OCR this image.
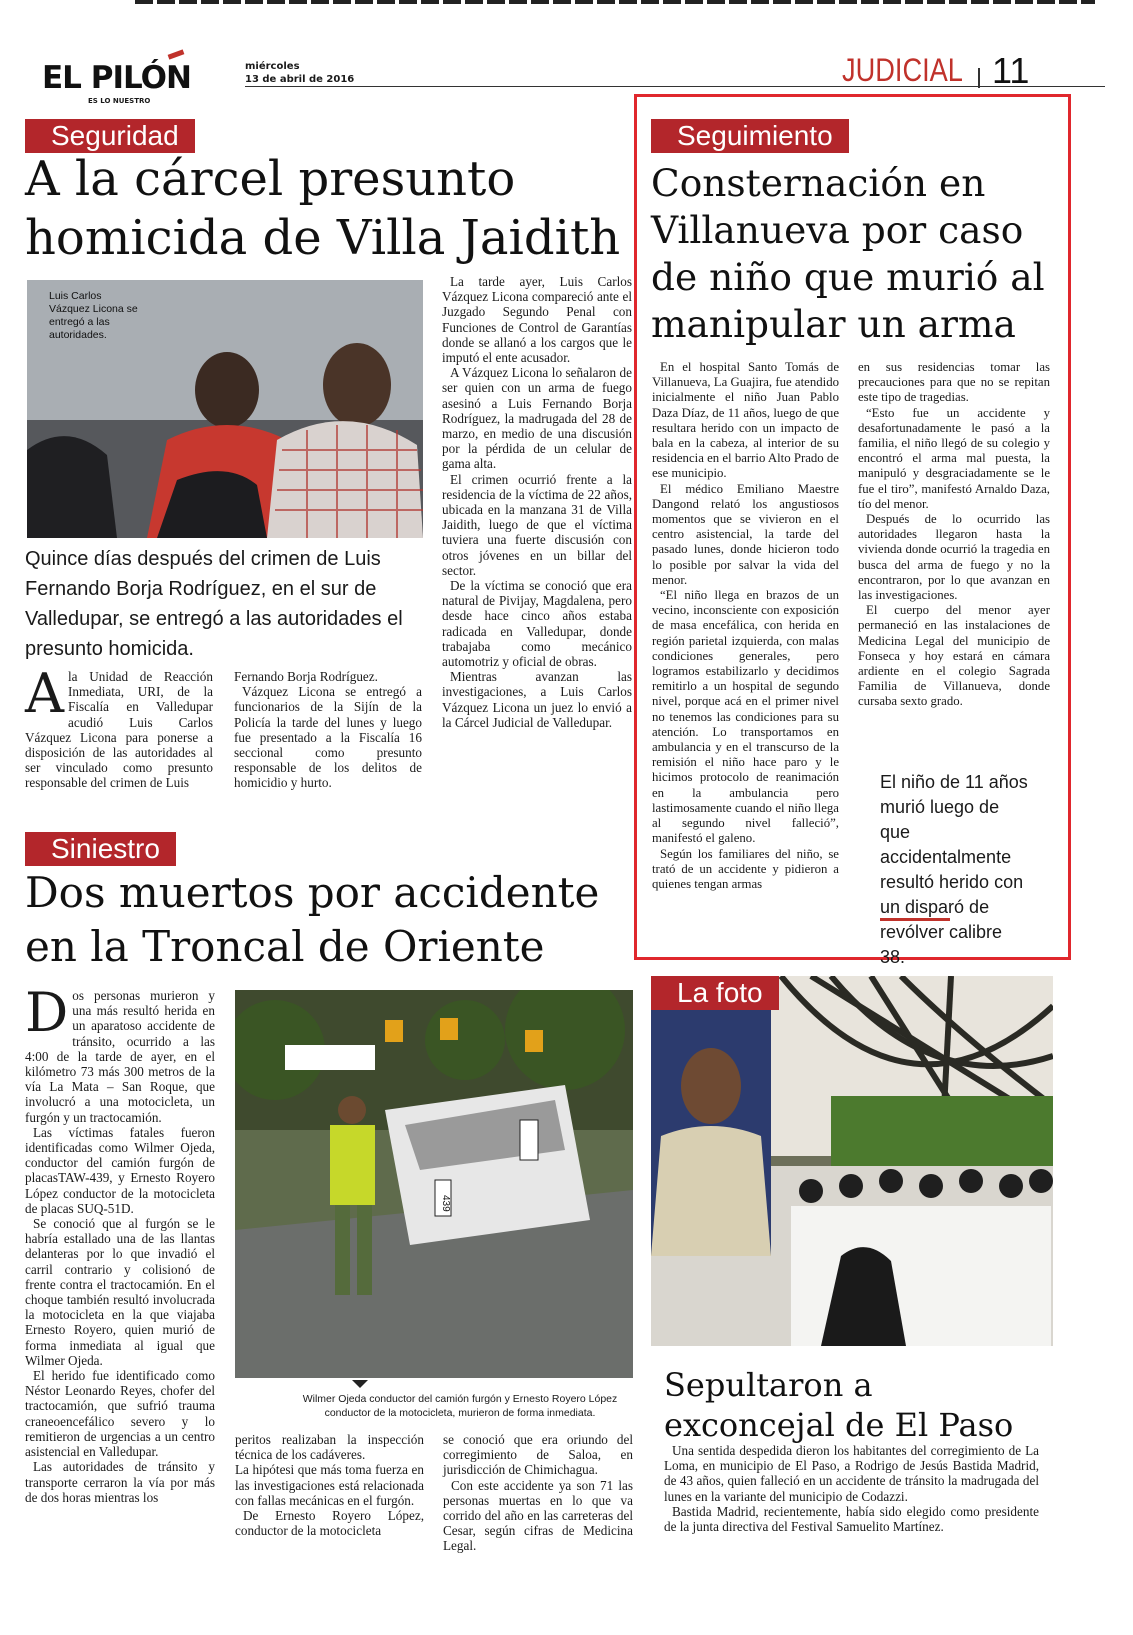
EL PILÓN
ES LO NUESTRO
miércoles
13 de abril de 2016	JUDICIAL 11
Seguridad
A la cárcel presunto
homicida de Villa Jaidith
Luis Carlos Vázquez Licona se entregó a las autoridades.
Quince días después del crimen de Luis Fernando Borja Rodríguez, en el sur de Valledupar, se entregó a las autoridades el presunto homicida.
Ala Unidad de Reacción Inmediata, URI, de la Fiscalía en Valledupar acudió Luis Carlos Vázquez Licona para ponerse a disposición de las autoridades al ser vinculado como presunto responsable del crimen de Luis

Fernando Borja Rodríguez.

Vázquez Licona se entregó a funcionarios de la Sijín de la Policía la tarde del lunes y luego fue presentado a la Fiscalía 16 seccional como presunto responsable de los delitos de homicidio y hurto.

La tarde ayer, Luis Carlos Vázquez Licona compareció ante el Juzgado Segundo Penal con Funciones de Control de Garantías donde se allanó a los cargos que le imputó el ente acusador.

A Vázquez Licona lo señalaron de ser quien con un arma de fuego asesinó a Luis Fernando Borja Rodríguez, la madrugada del 28 de marzo, en medio de una discusión por la pérdida de un celular de gama alta.

El crimen ocurrió frente a la residencia de la víctima de 22 años, ubicada en la manzana 31 de Villa Jaidith, luego de que el víctima tuviera una fuerte discusión con otros jóvenes en un billar del sector.

De la víctima se conoció que era natural de Pivijay, Magdalena, pero desde hace cinco años estaba radicada en Valledupar, donde trabajaba como mecánico automotriz y oficial de obras.

Mientras avanzan las investigaciones, a Luis Carlos Vázquez Licona un juez lo envió a la Cárcel Judicial de Valledupar.

Seguimiento
Consternación en
Villanueva por caso
de niño que murió al
manipular un arma

En el hospital Santo Tomás de Villanueva, La Guajira, fue atendido inicialmente el niño Juan Pablo Daza Díaz, de 11 años, luego de que resultara herido con un impacto de bala en la cabeza, al interior de su residencia en el barrio Alto Prado de ese municipio.

El médico Emiliano Maestre Dangond relató los angustiosos momentos que se vivieron en el centro asistencial, la tarde del pasado lunes, donde hicieron todo lo posible por salvar la vida del menor.

“El niño llega en brazos de un vecino, inconsciente con exposición de masa encefálica, con herida en región parietal izquierda, con malas condiciones generales, pero logramos estabilizarlo y decidimos remitirlo a un hospital de segundo nivel, porque acá en el primer nivel no tenemos las condiciones para su atención. Lo transportamos en ambulancia y en el transcurso de la remisión el niño hace paro y le hicimos protocolo de reanimación en la ambulancia pero lastimosamente cuando el niño llega al segundo nivel falleció”, manifestó el galeno.

Según los familiares del niño, se trató de un accidente y pidieron a quienes tengan armas

en sus residencias tomar las precauciones para que no se repitan este tipo de tragedias.

“Esto fue un accidente y desafortunadamente le pasó a la familia, el niño llegó de su colegio y encontró el arma mal puesta, la manipuló y desgraciadamente se le fue el tiro”, manifestó Arnaldo Daza, tío del menor.

Después de lo ocurrido las autoridades llegaron hasta la vivienda donde ocurrió la tragedia en busca del arma de fuego y no la encontraron, por lo que avanzan en las investigaciones.

El cuerpo del menor ayer permaneció en las instalaciones de Medicina Legal del municipio de Fonseca y hoy estará en cámara ardiente en el colegio Sagrada Familia de Villanueva, donde cursaba sexto grado.

El niño de 11 años murió luego de que accidentalmente resultó herido con un disparó de revólver calibre 38.
Siniestro
Dos muertos por accidente
en la Troncal de Oriente

Dos personas murieron y una más resultó herida en un aparatoso accidente de tránsito, ocurrido a las 4:00 de la tarde de ayer, en el kilómetro 73 más 300 metros de la vía La Mata – San Roque, que involucró a una motocicleta, un furgón y un tractocamión.

Las víctimas fatales fueron identificadas como Wilmer Ojeda, conductor del camión furgón de placasTAW-439, y Ernesto Royero López conductor de la motocicleta de placas SUQ-51D.

Se conoció que al furgón se le habría estallado una de las llantas delanteras por lo que invadió el carril contrario y colisionó de frente contra el tractocamión. En el choque también resultó involucrada la motocicleta en la que viajaba Ernesto Royero, quien murió de forma inmediata al igual que Wilmer Ojeda.

El herido fue identificado como Néstor Leonardo Reyes, chofer del tractocamión, que sufrió trauma craneoencefálico severo y lo remitieron de urgencias a un centro asistencial en Valledupar.

Las autoridades de tránsito y transporte cerraron la vía por más de dos horas mientras los

439
Wilmer Ojeda conductor del camión furgón y Ernesto Royero López conductor de la motocicleta, murieron de forma inmediata.

peritos realizaban la inspección técnica de los cadáveres.

La hipótesi que más toma fuerza en las investigaciones está relacionada con fallas mecánicas en el furgón.

De Ernesto Royero López, conductor de la motocicleta

se conoció que era oriundo del corregimiento de Saloa, en jurisdicción de Chimichagua.

Con este accidente ya son 71 las personas muertas en lo que va corrido del año en las carreteras del Cesar, según cifras de Medicina Legal.

La foto
Sepultaron a
exconcejal de El Paso

Una sentida despedida dieron los habitantes del corregimiento de La Loma, en municipio de El Paso, a Rodrigo de Jesús Bastida Madrid, de 43 años, quien falleció en un accidente de tránsito la madrugada del lunes en la variante del municipio de Codazzi.

Bastida Madrid, recientemente, había sido elegido como presidente de la junta directiva del Festival Samuelito Martínez.
